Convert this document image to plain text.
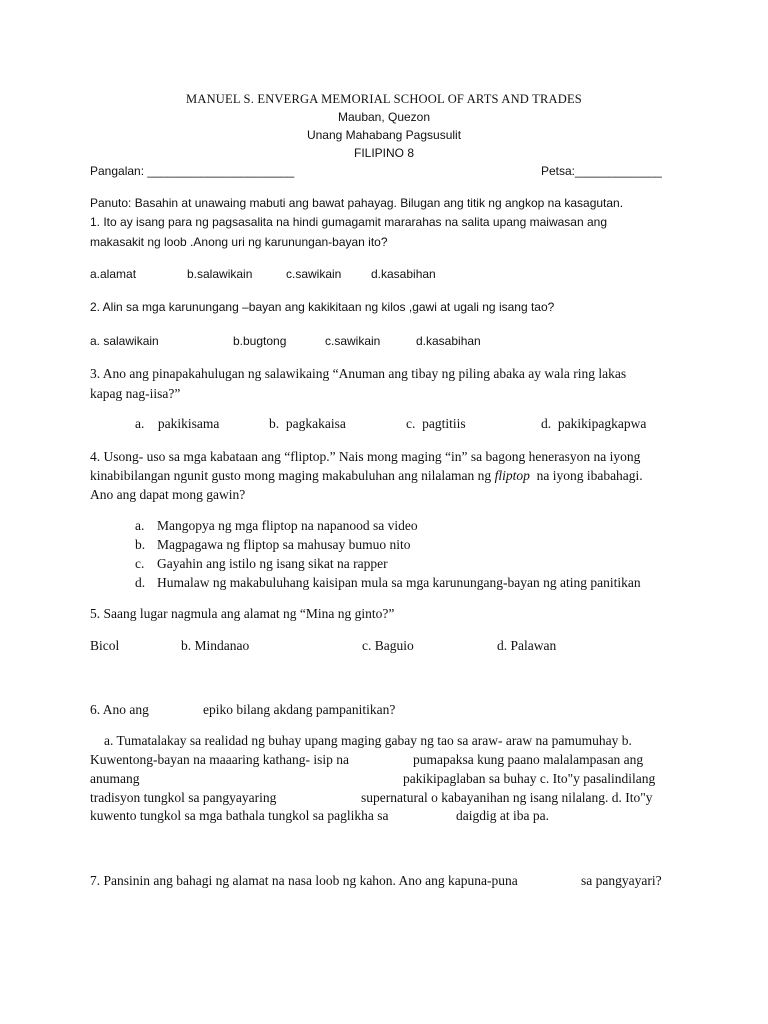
MANUEL S. ENVERGA MEMORIAL SCHOOL OF ARTS AND TRADES
Mauban, Quezon
Unang Mahabang Pagsusulit
FILIPINO 8
Pangalan: ______________________	Petsa:_____________
Panuto: Basahin at unawaing mabuti ang bawat pahayag. Bilugan ang titik ng angkop na kasagutan.
1. Ito ay isang para ng pagsasalita na hindi gumagamit mararahas na salita upang maiwasan ang
makasakit ng loob .Anong uri ng karunungan-bayan ito?
a.alamat	b.salawikain	c.sawikain d.kasabihan
2. Alin sa mga karunungang –bayan ang kakikitaan ng kilos ,gawi at ugali ng isang tao?
a. salawikain	b.bugtong	c.sawikain	d.kasabihan
3. Ano ang pinapakahulugan ng salawikaing “Anuman ang tibay ng piling abaka ay wala ring lakas
kapag nag-iisa?”
a.    pakikisama	b.  pagkakaisa	c.  pagtitiis	d.  pakikipagkapwa
4. Usong- uso sa mga kabataan ang “fliptop.” Nais mong maging “in” sa bagong henerasyon na iyong
kinabibilangan ngunit gusto mong maging makabuluhan ang nilalaman ng fliptop  na iyong ibabahagi.
Ano ang dapat mong gawin?
a. Mangopya ng mga fliptop na napanood sa video
b. Magpagawa ng fliptop sa mahusay bumuo nito
c. Gayahin ang istilo ng isang sikat na rapper
d. Humalaw ng makabuluhang kaisipan mula sa mga karunungang-bayan ng ating panitikan
5. Saang lugar nagmula ang alamat ng “Mina ng ginto?”
Bicol	b. Mindanao	c. Baguio	d. Palawan
6. Ano ang	epiko bilang akdang pampanitikan?
a. Tumatalakay sa realidad ng buhay upang maging gabay ng tao sa araw- araw na pamumuhay b.
Kuwentong-bayan na maaaring kathang- isip na	pumapaksa kung paano malalampasan ang
anumang	pakikipaglaban sa buhay c. Ito"y pasalindilang
tradisyon tungkol sa pangyayaring	supernatural o kabayanihan ng isang nilalang. d. Ito"y
kuwento tungkol sa mga bathala tungkol sa paglikha sa	daigdig at iba pa.
7. Pansinin ang bahagi ng alamat na nasa loob ng kahon. Ano ang kapuna-puna	sa pangyayari?
